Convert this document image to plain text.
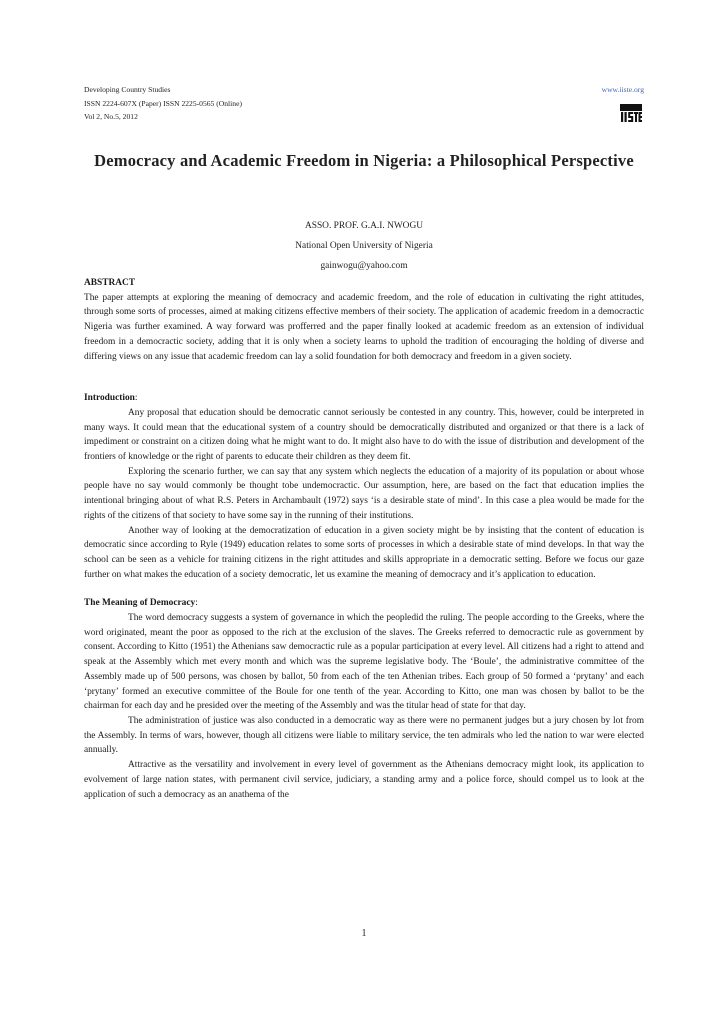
Developing Country Studies
ISSN 2224-607X (Paper) ISSN 2225-0565 (Online)
Vol 2, No.5, 2012
www.iiste.org
Democracy and Academic Freedom in Nigeria: a Philosophical Perspective
ASSO. PROF. G.A.I. NWOGU
National Open University of Nigeria
gainwogu@yahoo.com

ABSTRACT

The paper attempts at exploring the meaning of democracy and academic freedom, and the role of education in cultivating the right attitudes, through some sorts of processes, aimed at making citizens effective members of their society. The application of academic freedom in a democractic Nigeria was further examined. A way forward was profferred and the paper finally looked at academic freedom as an extension of individual freedom in a democractic society, adding that it is only when a society learns to uphold the tradition of encouraging the holding of diverse and differing views on any issue that academic freedom can lay a solid foundation for both democracy and freedom in a given society.

Introduction:

Any proposal that education should be democratic cannot seriously be contested in any country. This, however, could be interpreted in many ways. It could mean that the educational system of a country should be democratically distributed and organized or that there is a lack of impediment or constraint on a citizen doing what he might want to do. It might also have to do with the issue of distribution and development of the frontiers of knowledge or the right of parents to educate their children as they deem fit.

Exploring the scenario further, we can say that any system which neglects the education of a majority of its population or about whose people have no say would commonly be thought tobe undemocractic. Our assumption, here, are based on the fact that education implies the intentional bringing about of what R.S. Peters in Archambault (1972) says ‘is a desirable state of mind’. In this case a plea would be made for the rights of the citizens of that society to have some say in the running of their institutions.

Another way of looking at the democratization of education in a given society might be by insisting that the content of education is democratic since according to Ryle (1949) education relates to some sorts of processes in which a desirable state of mind develops. In that way the school can be seen as a vehicle for training citizens in the right attitudes and skills appropriate in a democratic setting. Before we focus our gaze further on what makes the education of a society democratic, let us examine the meaning of democracy and it’s application to education.

The Meaning of Democracy:

The word democracy suggests a system of governance in which the peopledid the ruling. The people according to the Greeks, where the word originated, meant the poor as opposed to the rich at the exclusion of the slaves. The Greeks referred to democractic rule as government by consent. According to Kitto (1951) the Athenians saw democractic rule as a popular participation at every level. All citizens had a right to attend and speak at the Assembly which met every month and which was the supreme legislative body. The ‘Boule’, the administrative committee of the Assembly made up of 500 persons, was chosen by ballot, 50 from each of the ten Athenian tribes. Each group of 50 formed a ‘prytany’ and each ‘prytany’ formed an executive committee of the Boule for one tenth of the year. According to Kitto, one man was chosen by ballot to be the chairman for each day and he presided over the meeting of the Assembly and was the titular head of state for that day.

The administration of justice was also conducted in a democratic way as there were no permanent judges but a jury chosen by lot from the Assembly. In terms of wars, however, though all citizens were liable to military service, the ten admirals who led the nation to war were elected annually.

Attractive as the versatility and involvement in every level of government as the Athenians democracy might look, its application to evolvement of large nation states, with permanent civil service, judiciary, a standing army and a police force, should compel us to look at the application of such a democracy as an anathema of the

1
